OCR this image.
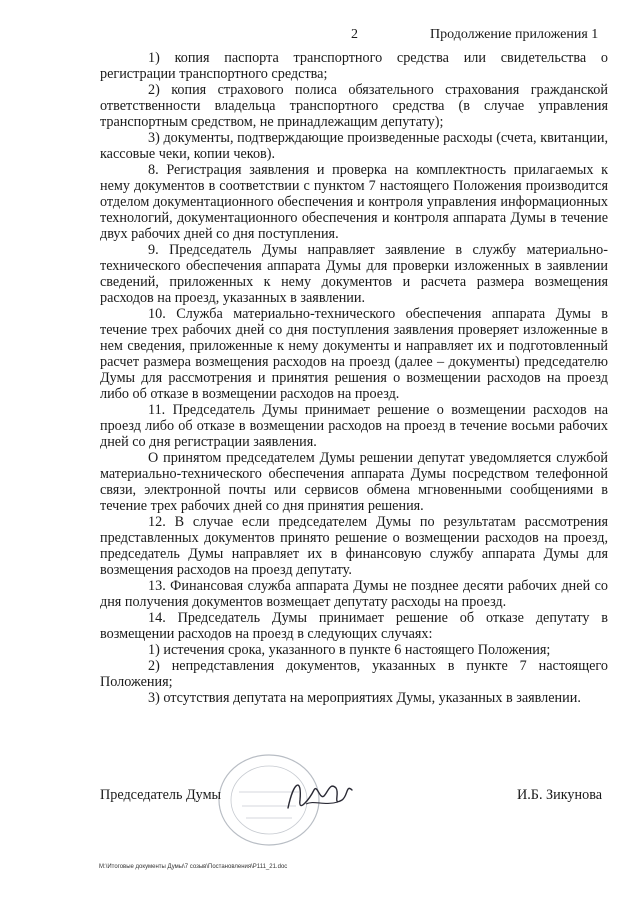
2	Продолжение приложения 1

1) копия паспорта транспортного средства или свидетельства о регистрации транспортного средства;

2) копия страхового полиса обязательного страхования гражданской ответственности владельца транспортного средства (в случае управления транспортным средством, не принадлежащим депутату);

3) документы, подтверждающие произведенные расходы (счета, квитанции, кассовые чеки, копии чеков).

8. Регистрация заявления и проверка на комплектность прилагаемых к нему документов в соответствии с пунктом 7 настоящего Положения производится отделом документационного обеспечения и контроля управления информационных технологий, документационного обеспечения и контроля аппарата Думы в течение двух рабочих дней со дня поступления.

9. Председатель Думы направляет заявление в службу материально-технического обеспечения аппарата Думы для проверки изложенных в заявлении сведений, приложенных к нему документов и расчета размера возмещения расходов на проезд, указанных в заявлении.

10. Служба материально-технического обеспечения аппарата Думы в течение трех рабочих дней со дня поступления заявления проверяет изложенные в нем сведения, приложенные к нему документы и направляет их и подготовленный расчет размера возмещения расходов на проезд (далее – документы) председателю Думы для рассмотрения и принятия решения о возмещении расходов на проезд либо об отказе в возмещении расходов на проезд.

11. Председатель Думы принимает решение о возмещении расходов на проезд либо об отказе в возмещении расходов на проезд в течение восьми рабочих дней со дня регистрации заявления.

О принятом председателем Думы решении депутат уведомляется службой материально-технического обеспечения аппарата Думы посредством телефонной связи, электронной почты или сервисов обмена мгновенными сообщениями в течение трех рабочих дней со дня принятия решения.

12. В случае если председателем Думы по результатам рассмотрения представленных документов принято решение о возмещении расходов на проезд, председатель Думы направляет их в финансовую службу аппарата Думы для возмещения расходов на проезд депутату.

13. Финансовая служба аппарата Думы не позднее десяти рабочих дней со дня получения документов возмещает депутату расходы на проезд.

14. Председатель Думы принимает решение об отказе депутату в возмещении расходов на проезд в следующих случаях:

1) истечения срока, указанного в пункте 6 настоящего Положения;

2) непредставления документов, указанных в пункте 7 настоящего Положения;

3) отсутствия депутата на мероприятиях Думы, указанных в заявлении.

Председатель Думы	И.Б. Зикунова
M:\Итоговые документы Думы\7 созыв\Постановления\P111_21.doc
